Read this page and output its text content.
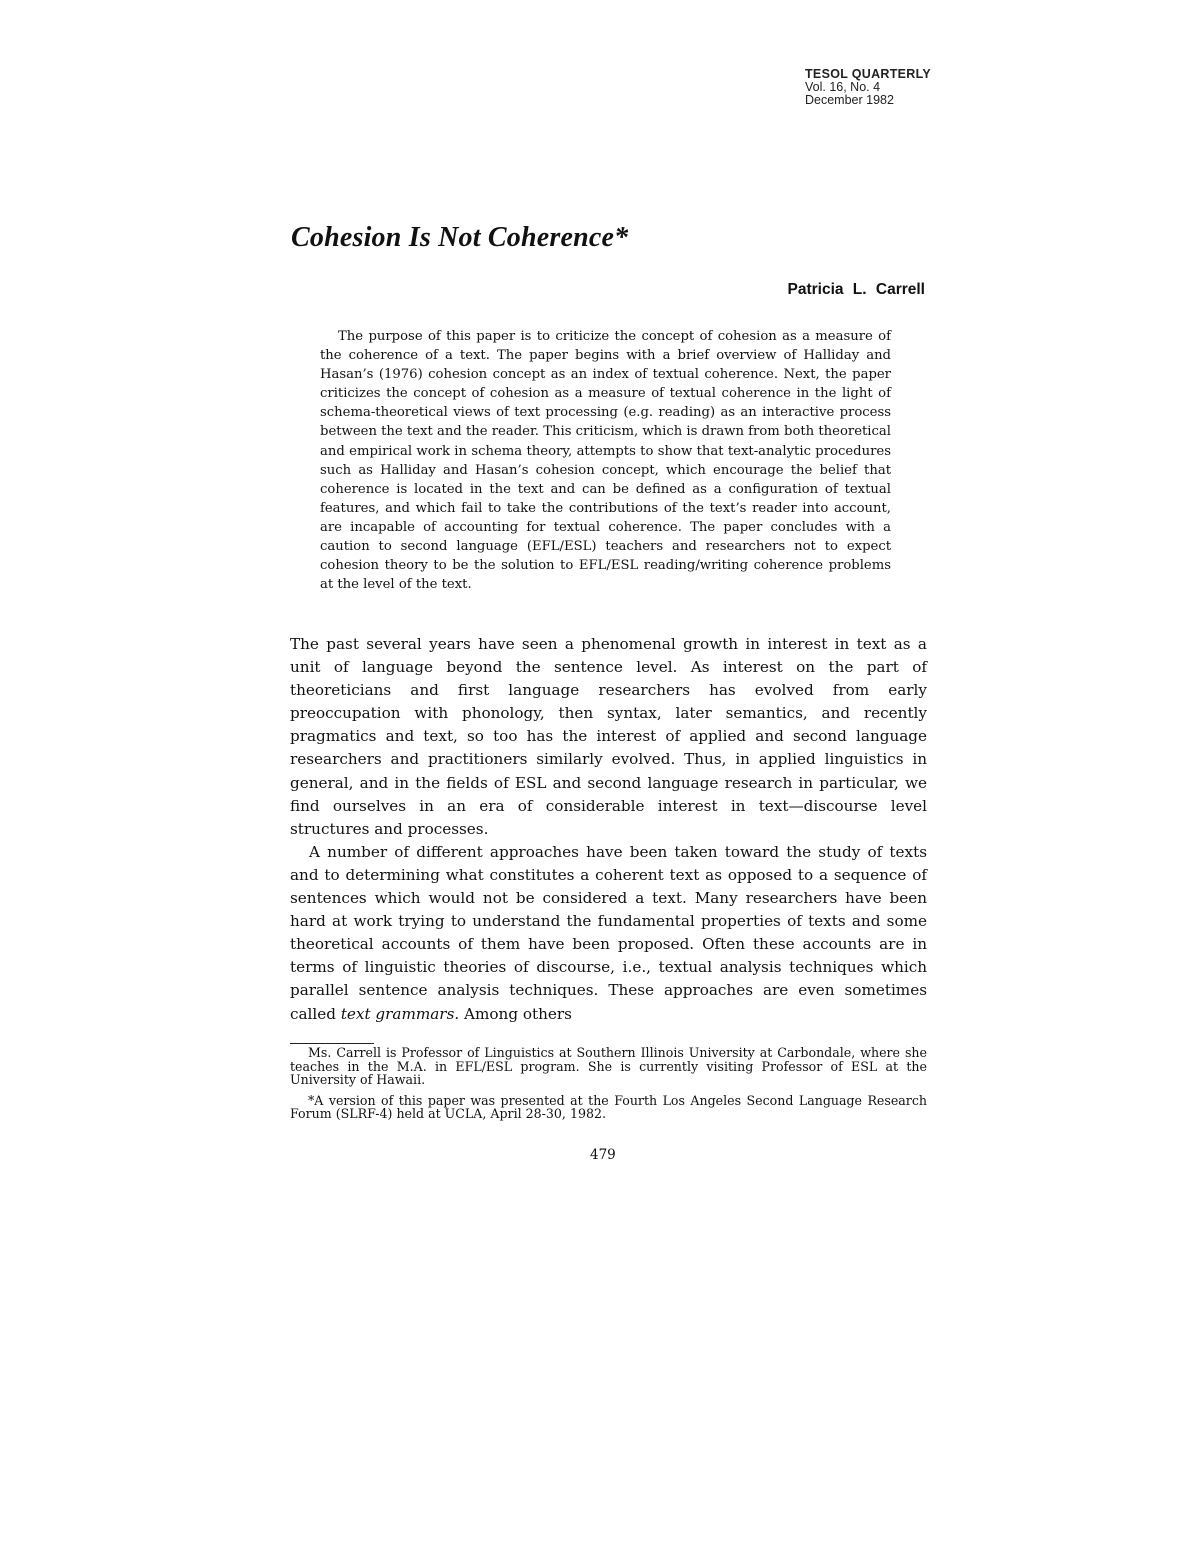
TESOL QUARTERLY
Vol. 16, No. 4
December 1982
Cohesion Is Not Coherence*

Patricia L. Carrell

The purpose of this paper is to criticize the concept of cohesion as a measure of the coherence of a text. The paper begins with a brief overview of Halliday and Hasan’s (1976) cohesion concept as an index of textual coherence. Next, the paper criticizes the concept of cohesion as a measure of textual coherence in the light of schema-theoretical views of text processing (e.g. reading) as an interactive process between the text and the reader. This criticism, which is drawn from both theoretical and empirical work in schema theory, attempts to show that text-analytic procedures such as Halliday and Hasan’s cohesion concept, which encourage the belief that coherence is located in the text and can be defined as a configuration of textual features, and which fail to take the contributions of the text’s reader into account, are incapable of accounting for textual coherence. The paper concludes with a caution to second language (EFL/ESL) teachers and researchers not to expect cohesion theory to be the solution to EFL/ESL reading/writing coherence problems at the level of the text.

The past several years have seen a phenomenal growth in interest in text as a unit of language beyond the sentence level. As interest on the part of theoreticians and first language researchers has evolved from early preoccupation with phonology, then syntax, later semantics, and recently pragmatics and text, so too has the interest of applied and second language researchers and practitioners similarly evolved. Thus, in applied linguistics in general, and in the fields of ESL and second language research in particular, we find ourselves in an era of considerable interest in text—discourse level structures and processes.

A number of different approaches have been taken toward the study of texts and to determining what constitutes a coherent text as opposed to a sequence of sentences which would not be considered a text. Many researchers have been hard at work trying to understand the fundamental properties of texts and some theoretical accounts of them have been proposed. Often these accounts are in terms of linguistic theories of discourse, i.e., textual analysis techniques which parallel sentence analysis techniques. These approaches are even sometimes called text grammars. Among others

Ms. Carrell is Professor of Linguistics at Southern Illinois University at Carbondale, where she teaches in the M.A. in EFL/ESL program. She is currently visiting Professor of ESL at the University of Hawaii.

*A version of this paper was presented at the Fourth Los Angeles Second Language Research Forum (SLRF-4) held at UCLA, April 28-30, 1982.

479
